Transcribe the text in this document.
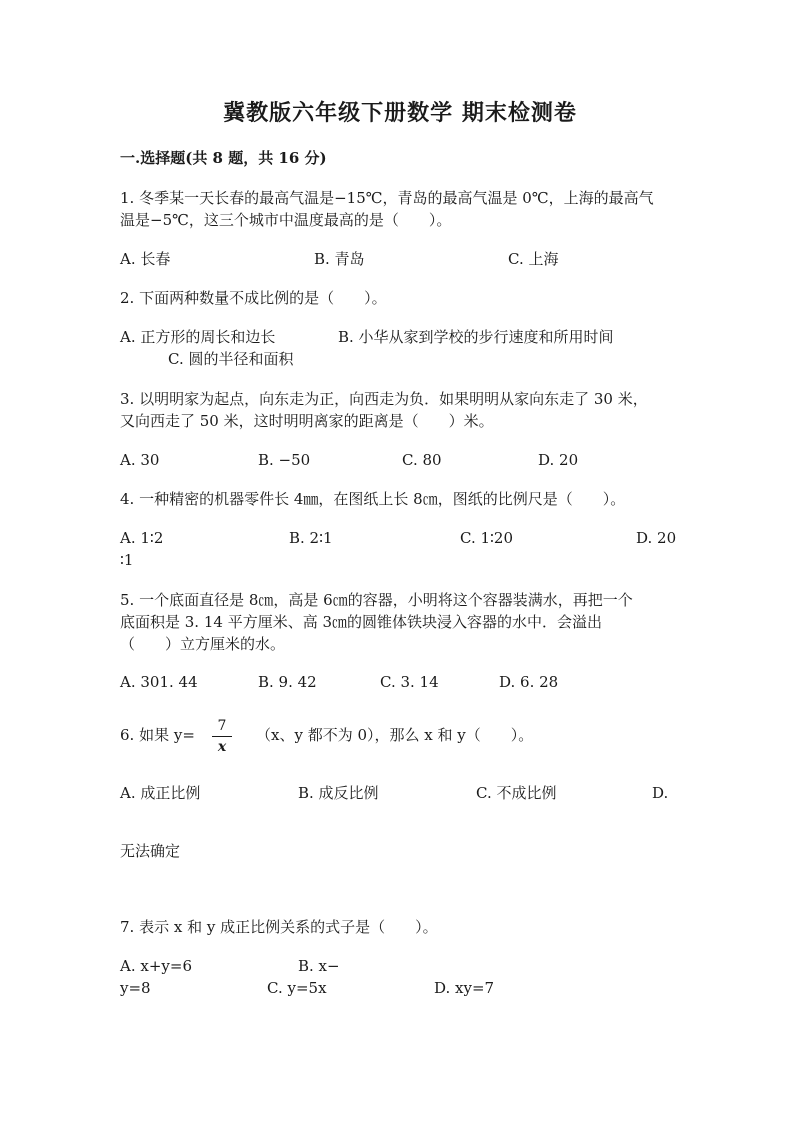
冀教版六年级下册数学 期末检测卷
一.选择题(共 8 题，共 16 分)
1. 冬季某一天长春的最高气温是−15℃，青岛的最高气温是 0℃，上海的最高气
温是−5℃，这三个城市中温度最高的是（　　）。
A. 长春	B. 青岛	C. 上海
2. 下面两种数量不成比例的是（　　）。
A. 正方形的周长和边长	B. 小华从家到学校的步行速度和所用时间
C. 圆的半径和面积
3. 以明明家为起点，向东走为正，向西走为负．如果明明从家向东走了 30 米，
又向西走了 50 米，这时明明离家的距离是（　　）米。
A. 30	B. −50	C. 80	D. 20
4. 一种精密的机器零件长 4㎜，在图纸上长 8㎝，图纸的比例尺是（　　）。
A. 1∶2	B. 2∶1	C. 1∶20	D. 20
∶1
5. 一个底面直径是 8㎝，高是 6㎝的容器，小明将这个容器装满水，再把一个
底面积是 3. 14 平方厘米、高 3㎝的圆锥体铁块浸入容器的水中．会溢出
（　　）立方厘米的水。
A. 301. 44	B. 9. 42	C. 3. 14	D. 6. 28
6. 如果 y=	7
x
（x、y 都不为 0），那么 x 和 y（　　）。
A. 成正比例	B. 成反比例	C. 不成比例	D.
无法确定
7. 表示 x 和 y 成正比例关系的式子是（　　）。
A. x+y=6	B. x−
y=8	C. y=5x	D. xy=7
